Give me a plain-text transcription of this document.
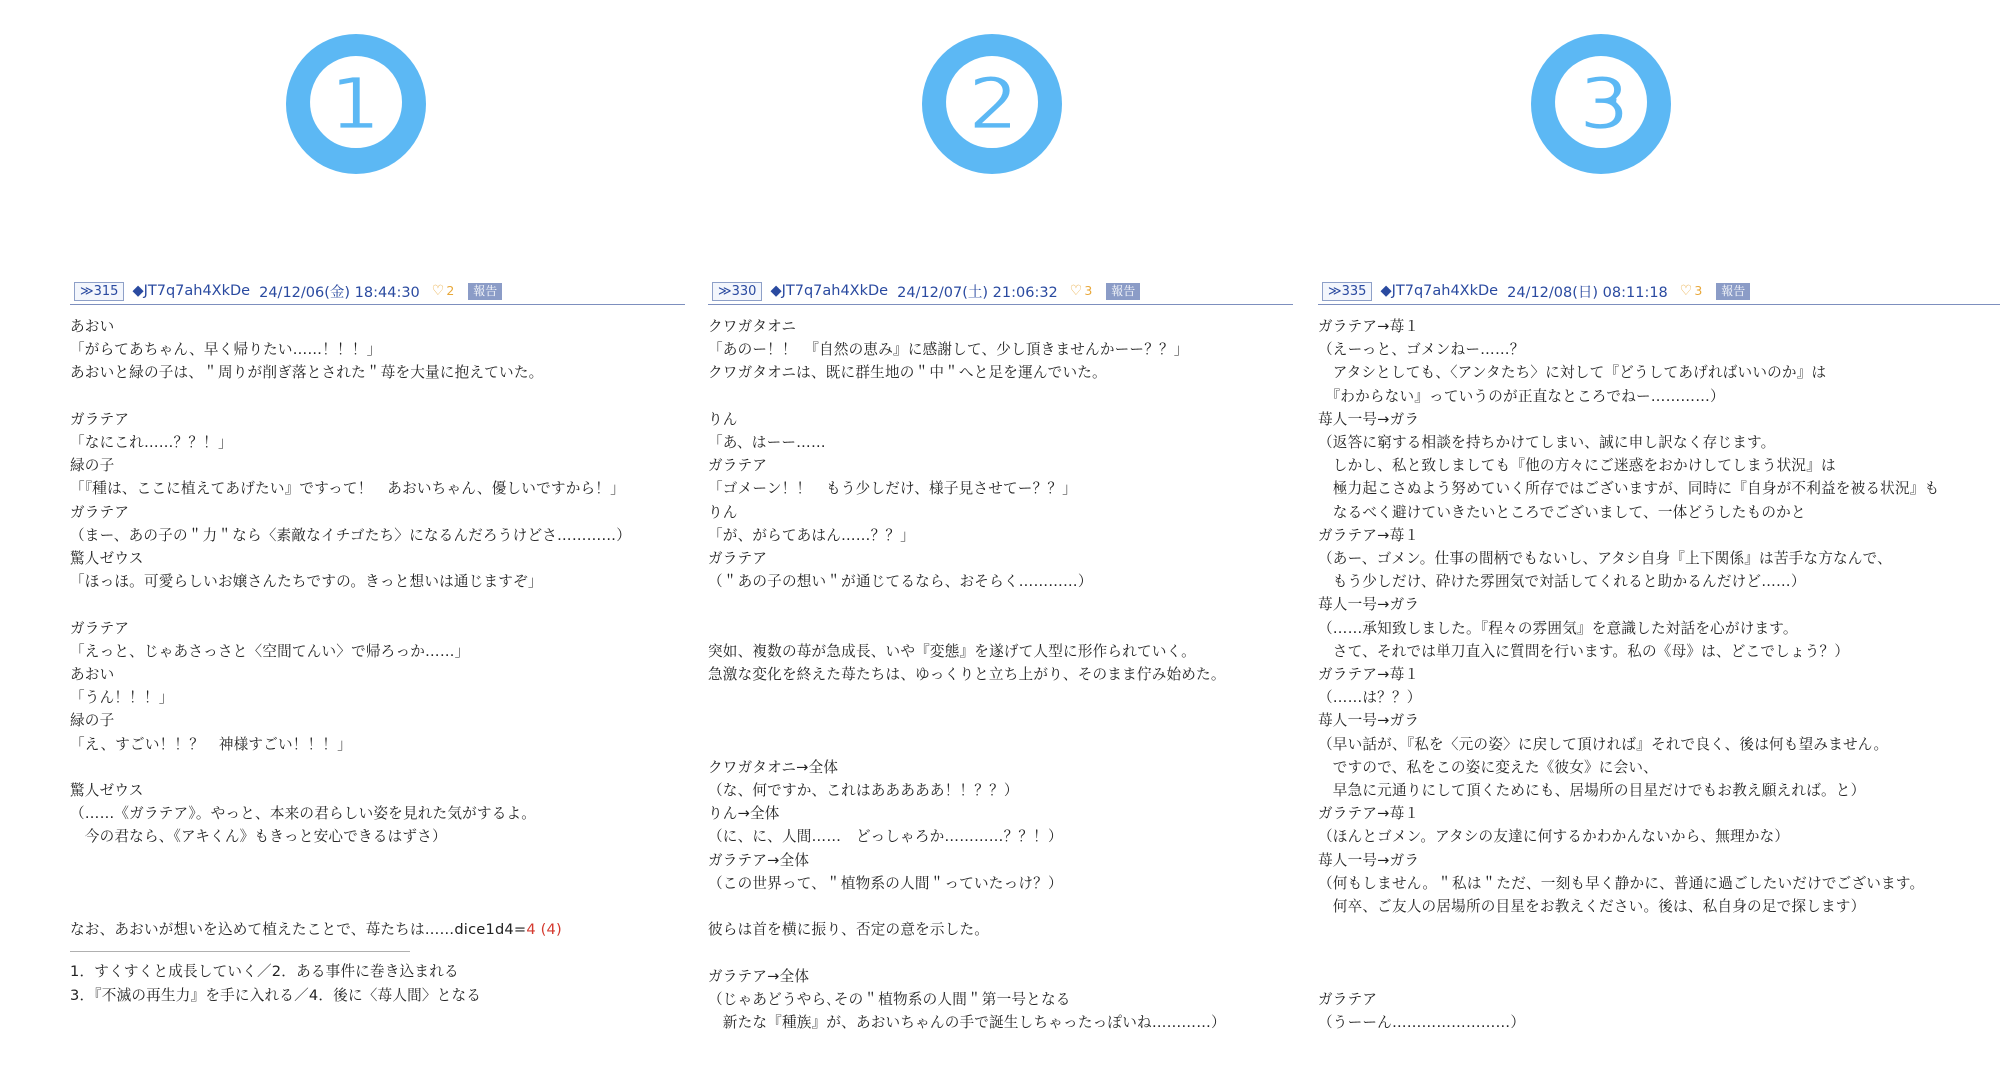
❶	❷	❸
≫315 ◆JT7q7ah4XkDe 24/12/06(金) 18:44:30 ♡ 2	報告
あおい
「がらてあちゃん、早く帰りたい……！！！」
あおいと緑の子は、＂周りが削ぎ落とされた＂苺を大量に抱えていた。

ガラテア
「なにこれ……？？！」
緑の子
「『種は、ここに植えてあげたい』ですって！　あおいちゃん、優しいですから！」
ガラテア
（まー、あの子の＂力＂なら〈素敵なイチゴたち〉になるんだろうけどさ…………）
驚人ゼウス
「ほっほ。可愛らしいお嬢さんたちですの。きっと想いは通じますぞ」

ガラテア
「えっと、じゃあさっさと〈空間てんい〉で帰ろっか……」
あおい
「うん！！！」
緑の子
「え、すごい！！？　神様すごい！！！」

驚人ゼウス
（……《ガラテア》。やっと、本来の君らしい姿を見れた気がするよ。
　今の君なら、《アキくん》もきっと安心できるはずさ）

なお、あおいが想いを込めて植えたことで、苺たちは……dice1d4=4 (4)
1．すくすくと成長していく／2．ある事件に巻き込まれる
3．『不滅の再生力』を手に入れる／4．後に〈苺人間〉となる
≫330 ◆JT7q7ah4XkDe 24/12/07(土) 21:06:32 ♡ 3	報告
クワガタオニ
「あのー！！　『自然の恵み』に感謝して、少し頂きませんかーー？？」
クワガタオニは、既に群生地の＂中＂へと足を運んでいた。

りん
「あ、はーー……
ガラテア
「ゴメーン！！　もう少しだけ、様子見させてー？？」
りん
「が、がらてあはん……？？」
ガラテア
（＂あの子の想い＂が通じてるなら、おそらく…………）

突如、複数の苺が急成長、いや『変態』を遂げて人型に形作られていく。
急激な変化を終えた苺たちは、ゆっくりと立ち上がり、そのまま佇み始めた。

クワガタオニ→全体
（な、何ですか、これはあああああ！！？？）
りん→全体
（に、に、人間……　どっしゃろか…………？？！）
ガラテア→全体
（この世界って、＂植物系の人間＂っていたっけ？）

彼らは首を横に振り、否定の意を示した。

ガラテア→全体
（じゃあどうやら､その＂植物系の人間＂第一号となる
　新たな『種族』が、あおいちゃんの手で誕生しちゃったっぽいね…………）
≫335 ◆JT7q7ah4XkDe 24/12/08(日) 08:11:18 ♡ 3	報告
ガラテア→苺１
（えーっと、ゴメンねー……？
　アタシとしても、〈アンタたち〉に対して『どうしてあげればいいのか』は
　『わからない』っていうのが正直なところでねー…………）
苺人一号→ガラ
（返答に窮する相談を持ちかけてしまい、誠に申し訳なく存じます。
　しかし、私と致しましても『他の方々にご迷惑をおかけしてしまう状況』は
　極力起こさぬよう努めていく所存ではございますが、同時に『自身が不利益を被る状況』も
　なるべく避けていきたいところでございまして、一体どうしたものかと
ガラテア→苺１
（あー、ゴメン。仕事の間柄でもないし、アタシ自身『上下関係』は苦手な方なんで、
　もう少しだけ、砕けた雰囲気で対話してくれると助かるんだけど……）
苺人一号→ガラ
（……承知致しました。『程々の雰囲気』を意識した対話を心がけます。
　さて、それでは単刀直入に質問を行います。私の《母》は、どこでしょう？）
ガラテア→苺１
（……は？？）
苺人一号→ガラ
（早い話が、『私を〈元の姿〉に戻して頂ければ』それで良く、後は何も望みません。
　ですので、私をこの姿に変えた《彼女》に会い、
　早急に元通りにして頂くためにも、居場所の目星だけでもお教え願えれば。と）
ガラテア→苺１
（ほんとゴメン。アタシの友達に何するかわかんないから、無理かな）
苺人一号→ガラ
（何もしません。＂私は＂ただ、一刻も早く静かに、普通に過ごしたいだけでございます。
　何卒、ご友人の居場所の目星をお教えください。後は、私自身の足で探します）

ガラテア
（うーーん……………………）
